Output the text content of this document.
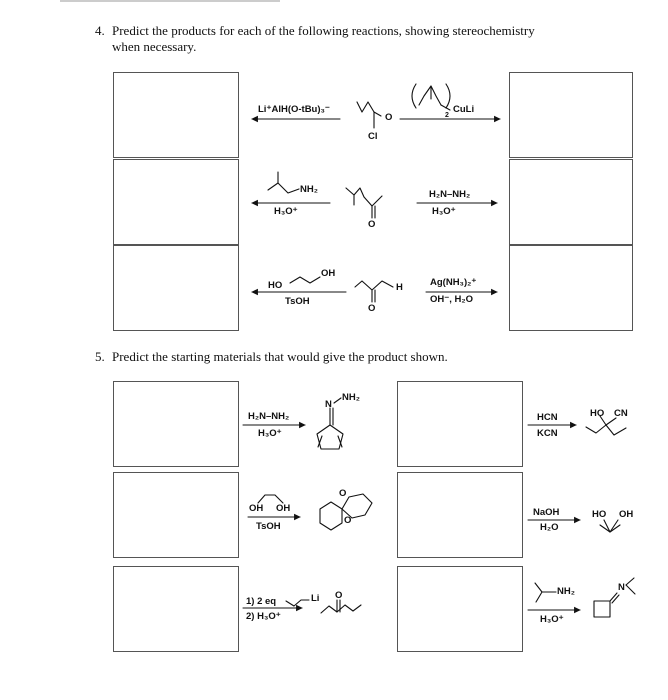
4. Predict the products for each of the following reactions, showing stereochemistry
when necessary.
5. Predict the starting materials that would give the product shown.
Li⁺AlH(O-tBu)₃⁻
Cl
O	2
CuLi
NH₂
H₃O⁺
O
H₂N–NH₂
H₃O⁺
HO
OH
TsOH
H
O
Ag(NH₃)₂⁺
OH⁻, H₂O
H₂N–NH₂
H₃O⁺
N
NH₂
HCN
KCN
HO CN
OH OH
TsOH
O
O
NaOH
H₂O
HO OH
Li
1) 2 eq
2) H₃O⁺
O	NH₂
H₃O⁺
N
